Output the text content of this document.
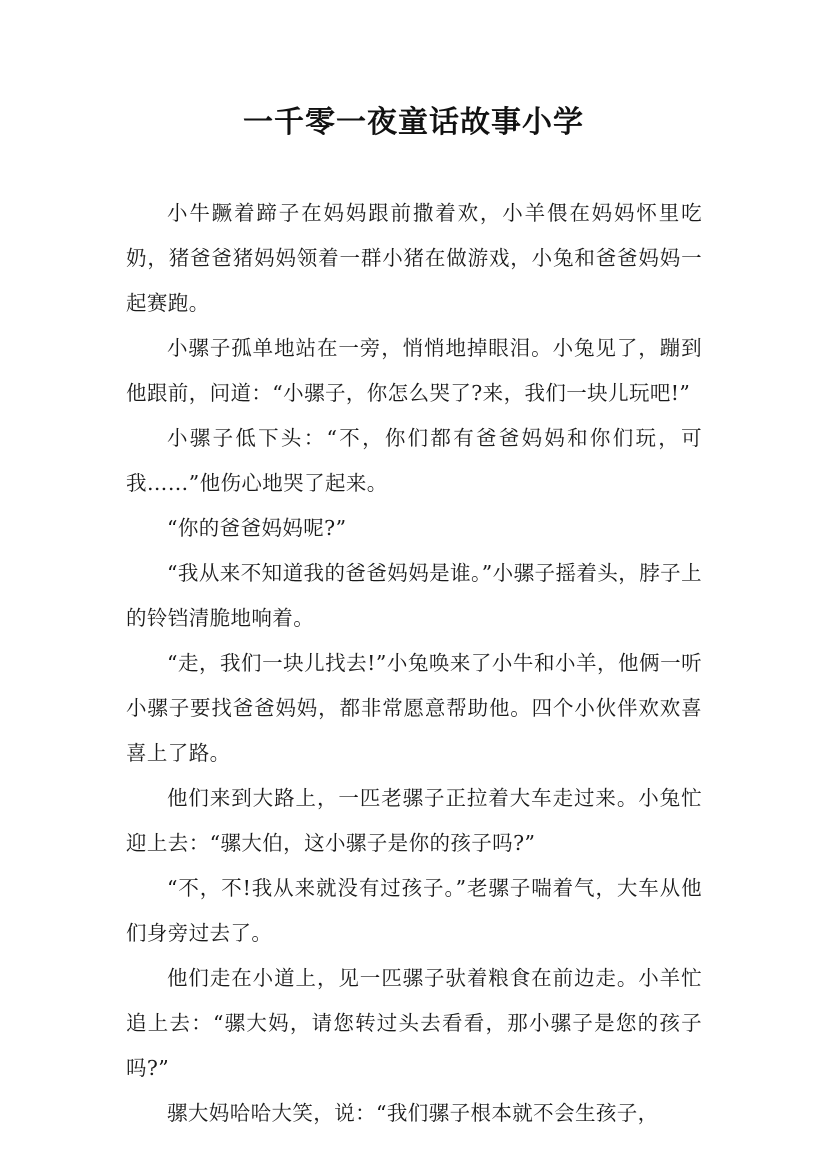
一千零一夜童话故事小学

小牛蹶着蹄子在妈妈跟前撒着欢，小羊偎在妈妈怀里吃奶，猪爸爸猪妈妈领着一群小猪在做游戏，小兔和爸爸妈妈一起赛跑。

小骡子孤单地站在一旁，悄悄地掉眼泪。小兔见了，蹦到他跟前，问道：“小骡子，你怎么哭了?来，我们一块儿玩吧!”

小骡子低下头：“不，你们都有爸爸妈妈和你们玩，可我……”他伤心地哭了起来。

“你的爸爸妈妈呢?”

“我从来不知道我的爸爸妈妈是谁。”小骡子摇着头，脖子上的铃铛清脆地响着。

“走，我们一块儿找去!”小兔唤来了小牛和小羊，他俩一听小骡子要找爸爸妈妈，都非常愿意帮助他。四个小伙伴欢欢喜喜上了路。

他们来到大路上，一匹老骡子正拉着大车走过来。小兔忙迎上去：“骡大伯，这小骡子是你的孩子吗?”

“不，不!我从来就没有过孩子。”老骡子喘着气，大车从他们身旁过去了。

他们走在小道上，见一匹骡子驮着粮食在前边走。小羊忙追上去：“骡大妈，请您转过头去看看，那小骡子是您的孩子吗?”

骡大妈哈哈大笑，说：“我们骡子根本就不会生孩子，
